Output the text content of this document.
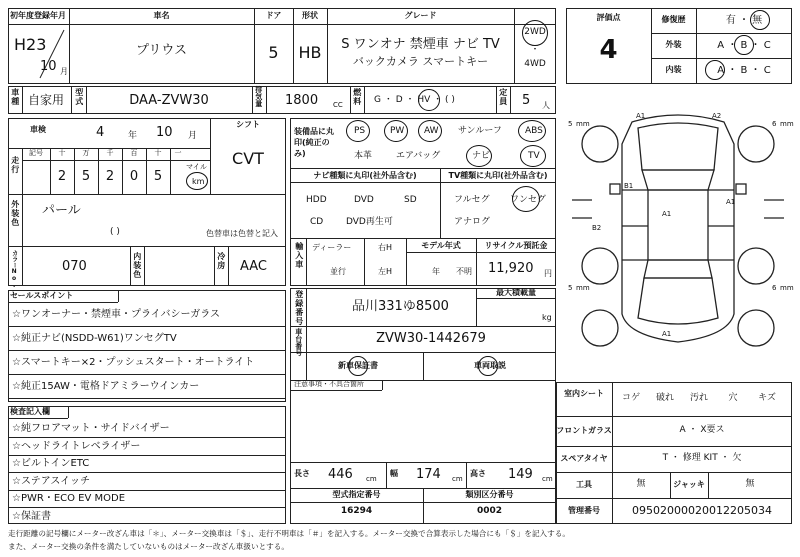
初年度登録年月
H23
10 月
車名
プリウス
ドア
5
形状
HB
グレード
S ワンオナ 禁煙車 ナビ TV
バックカメラ スマートキー
2WD
・
4WD
評価点
4
修復歴	有 ・ 無
外装	A ・ B ・ C
内装	A ・ B ・ C
車種 自家用 型式	DAA-ZVW30	排気量 1800 CC 燃料 G ・ D ・ HV ・ ( )	定員 5 人
車検	4	年 10 月
シフト
CVT
走行
記号	十	万	千	百	十	一
2	5	2	0	5
マイル
km
外装色 パール
( )	色替車は色替と記入
カラーNo.	070	内装色	冷房 AAC
装備品に丸印(純正のみ)
PS	PW AW サンルーフ	ABS
本革	エアバッグ	ナビ	TV
ナビ種類に丸印(社外品含む)
HDD	DVD	SD
CD	DVD再生可
TV種類に丸印(社外品含む)
フルセグ ワンセグ
アナログ
輸入車 ディーラー
並行
右H
左H
モデル年式
年 不明
リサイクル預託金
11,920 円
セールスポイント
☆ワンオーナー・禁煙車・プライバシーガラス
☆純正ナビ(NSDD-W61)ワンセグTV
☆スマートキー×2・プッシュスタート・オートライト
☆純正15AW・電格ドアミラーウインカー
検査記入欄
☆純フロアマット・サイドバイザー
☆ヘッドライトレベライザー
☆ビルトインETC
☆ステアスイッチ
☆PWR・ECO EV MODE
☆保証書
登録番号	品川331ゆ8500
最大積載量
kg
車台番号	ZVW30-1442679
新車保証書	車両取説
注意事項・不具合箇所
長さ 446 cm
幅 174 cm
高さ 149 cm
型式指定番号
16294
類別区分番号
0002
A1	A2
B1
A1
A1
B2
A1
5	6
5	6
mm	mm
mm	mm
室内シート	コゲ	破れ	汚れ	穴	キズ
フロントガラス	A ・ X要ス
スペアタイヤ	T ・ 修理 KIT ・ 欠
工具	無	ジャッキ	無
管理番号	09502000020012205034
走行距離の記号欄にメーター改ざん車は「＊」、メーター交換車は「＄」、走行不明車は「＃」を記入する。メーター交換で合算表示した場合にも「＄」を記入する。
また、メーター交換の条件を満たしていないものはメーター改ざん車扱いとする。
